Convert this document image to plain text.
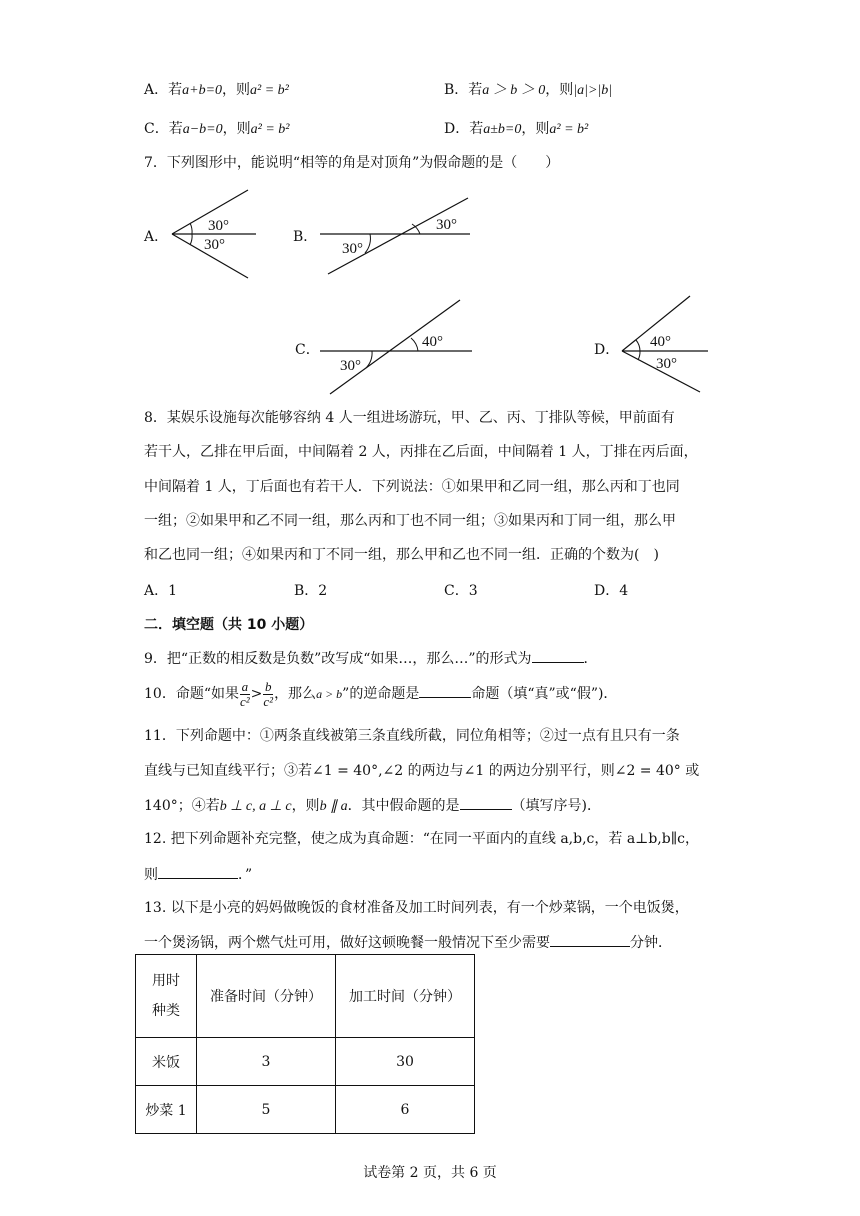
A．若a+b=0，则a² = b²	B．若a ＞ b ＞ 0，则|a|>|b|
C．若a−b=0，则a² = b²	D．若a±b=0，则a² = b²
7．下列图形中，能说明“相等的角是对顶角”为假命题的是（　　）
A．
30°
30°	B．
30°
30°
C．	40°
30°
D． 40°
30°
8．某娱乐设施每次能够容纳 4 人一组进场游玩，甲、乙、丙、丁排队等候，甲前面有
若干人，乙排在甲后面，中间隔着 2 人，丙排在乙后面，中间隔着 1 人，丁排在丙后面，
中间隔着 1 人，丁后面也有若干人．下列说法：①如果甲和乙同一组，那么丙和丁也同
一组；②如果甲和乙不同一组，那么丙和丁也不同一组；③如果丙和丁同一组，那么甲
和乙也同一组；④如果丙和丁不同一组，那么甲和乙也不同一组．正确的个数为(　)
A．1	B．2	C．3	D．4
二．填空题（共 10 小题）
9．把“正数的相反数是负数”改写成“如果…，那么…”的形式为	．
10．命题“如果 $\frac{a}{\text{c²}} > \frac{b}{\text{c²}}$ ，那么a > b”的逆命题是	命题（填“真”或“假”)．
11．下列命题中：①两条直线被第三条直线所截，同位角相等；②过一点有且只有一条
直线与已知直线平行；③若∠1 = 40°,∠2 的两边与∠1 的两边分别平行，则∠2 = 40° 或
140°；④若b ⊥ c, a ⊥ c，则b ∥ a．其中假命题的是	（填写序号)．
12. 把下列命题补充完整，使之成为真命题：“在同一平面内的直线 a,b,c，若 a⊥b,b∥c，
则	．”
13. 以下是小亮的妈妈做晚饭的食材准备及加工时间列表，有一个炒菜锅，一个电饭煲，
一个煲汤锅，两个燃气灶可用，做好这顿晚餐一般情况下至少需要	分钟．
用时
种类	准备时间（分钟）	加工时间（分钟）
米饭	3	30
炒菜 1	5	6
试卷第 2 页，共 6 页
